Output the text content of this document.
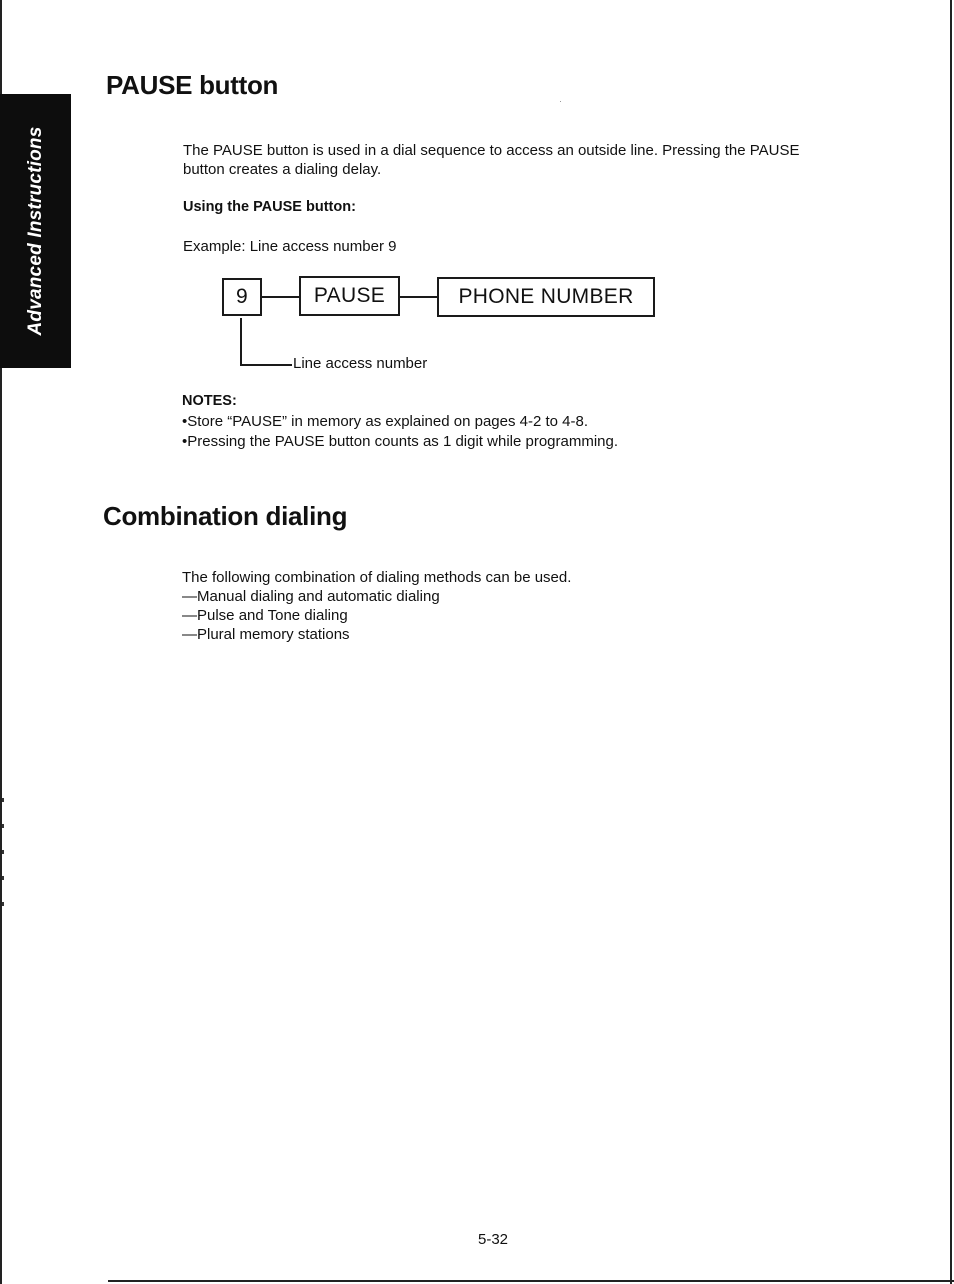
Advanced Instructions
PAUSE button

The PAUSE button is used in a dial sequence to access an outside line. Pressing the PAUSE
button creates a dialing delay.

Using the PAUSE button:

Example: Line access number 9

9	PAUSE	PHONE NUMBER

Line access number

NOTES:

•Store “PAUSE” in memory as explained on pages 4-2 to 4-8.

•Pressing the PAUSE button counts as 1 digit while programming.

Combination dialing

The following combination of dialing methods can be used.

—Manual dialing and automatic dialing

—Pulse and Tone dialing

—Plural memory stations

5-32
